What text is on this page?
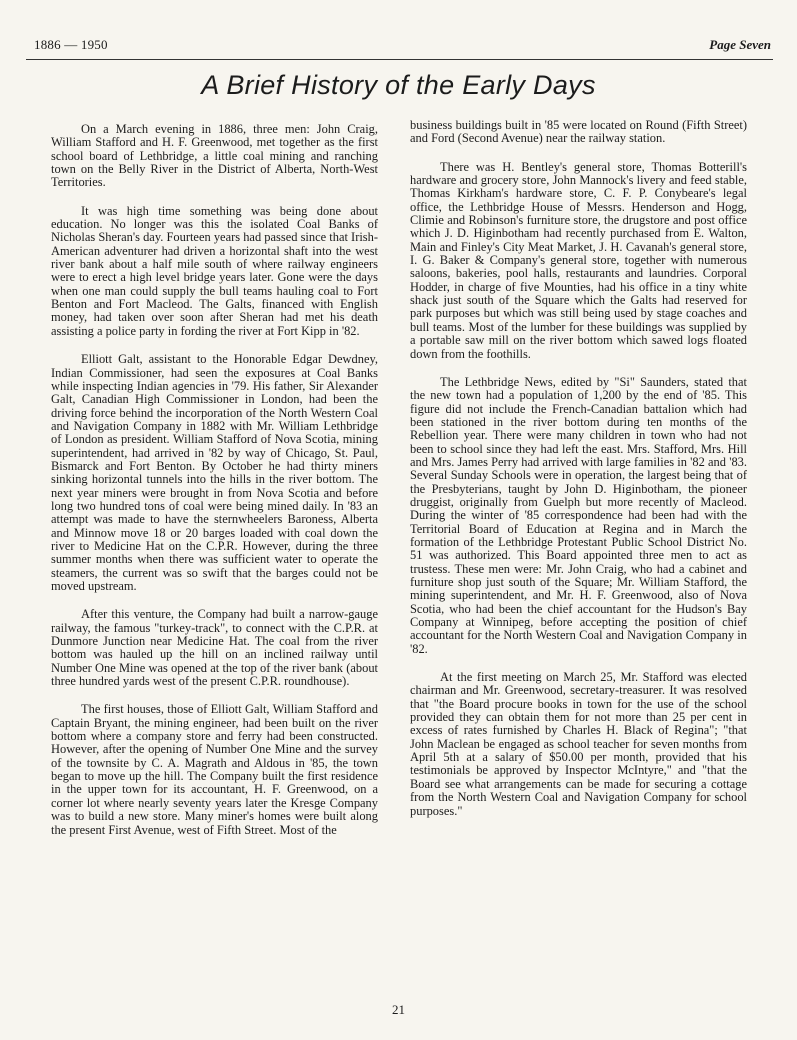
1886 — 1950	Page Seven
A Brief History of the Early Days

On a March evening in 1886, three men: John Craig, William Stafford and H. F. Greenwood, met together as the first school board of Lethbridge, a little coal mining and ranching town on the Belly River in the District of Alberta, North-West Territories.

It was high time something was being done about education. No longer was this the isolated Coal Banks of Nicholas Sheran's day. Fourteen years had passed since that Irish-American adventurer had driven a horizontal shaft into the west river bank about a half mile south of where railway engineers were to erect a high level bridge years later. Gone were the days when one man could supply the bull teams hauling coal to Fort Benton and Fort Macleod. The Galts, financed with English money, had taken over soon after Sheran had met his death assisting a police party in fording the river at Fort Kipp in '82.

Elliott Galt, assistant to the Honorable Edgar Dewdney, Indian Commissioner, had seen the exposures at Coal Banks while inspecting Indian agencies in '79. His father, Sir Alexander Galt, Canadian High Commissioner in London, had been the driving force behind the incorporation of the North Western Coal and Navigation Company in 1882 with Mr. William Lethbridge of London as president. William Stafford of Nova Scotia, mining superintendent, had arrived in '82 by way of Chicago, St. Paul, Bismarck and Fort Benton. By October he had thirty miners sinking horizontal tunnels into the hills in the river bottom. The next year miners were brought in from Nova Scotia and before long two hundred tons of coal were being mined daily. In '83 an attempt was made to have the sternwheelers Baroness, Alberta and Minnow move 18 or 20 barges loaded with coal down the river to Medicine Hat on the C.P.R. However, during the three summer months when there was sufficient water to operate the steamers, the current was so swift that the barges could not be moved upstream.

After this venture, the Company had built a narrow-gauge railway, the famous "turkey-track", to connect with the C.P.R. at Dunmore Junction near Medicine Hat. The coal from the river bottom was hauled up the hill on an inclined railway until Number One Mine was opened at the top of the river bank (about three hundred yards west of the present C.P.R. roundhouse).

The first houses, those of Elliott Galt, William Stafford and Captain Bryant, the mining engineer, had been built on the river bottom where a company store and ferry had been constructed. However, after the opening of Number One Mine and the survey of the townsite by C. A. Magrath and Aldous in '85, the town began to move up the hill. The Company built the first residence in the upper town for its accountant, H. F. Greenwood, on a corner lot where nearly seventy years later the Kresge Company was to build a new store. Many miner's homes were built along the present First Avenue, west of Fifth Street. Most of the

business buildings built in '85 were located on Round (Fifth Street) and Ford (Second Avenue) near the railway station.

There was H. Bentley's general store, Thomas Botterill's hardware and grocery store, John Mannock's livery and feed stable, Thomas Kirkham's hardware store, C. F. P. Conybeare's legal office, the Lethbridge House of Messrs. Henderson and Hogg, Climie and Robinson's furniture store, the drugstore and post office which J. D. Higinbotham had recently purchased from E. Walton, Main and Finley's City Meat Market, J. H. Cavanah's general store, I. G. Baker & Company's general store, together with numerous saloons, bakeries, pool halls, restaurants and laundries. Corporal Hodder, in charge of five Mounties, had his office in a tiny white shack just south of the Square which the Galts had reserved for park purposes but which was still being used by stage coaches and bull teams. Most of the lumber for these buildings was supplied by a portable saw mill on the river bottom which sawed logs floated down from the foothills.

The Lethbridge News, edited by "Si" Saunders, stated that the new town had a population of 1,200 by the end of '85. This figure did not include the French-Canadian battalion which had been stationed in the river bottom during ten months of the Rebellion year. There were many children in town who had not been to school since they had left the east. Mrs. Stafford, Mrs. Hill and Mrs. James Perry had arrived with large families in '82 and '83. Several Sunday Schools were in operation, the largest being that of the Presbyterians, taught by John D. Higinbotham, the pioneer druggist, originally from Guelph but more recently of Macleod. During the winter of '85 correspondence had been had with the Territorial Board of Education at Regina and in March the formation of the Lethbridge Protestant Public School District No. 51 was authorized. This Board appointed three men to act as trustess. These men were: Mr. John Craig, who had a cabinet and furniture shop just south of the Square; Mr. William Stafford, the mining superintendent, and Mr. H. F. Greenwood, also of Nova Scotia, who had been the chief accountant for the Hudson's Bay Company at Winnipeg, before accepting the position of chief accountant for the North Western Coal and Navigation Company in '82.

At the first meeting on March 25, Mr. Stafford was elected chairman and Mr. Greenwood, secretary-treasurer. It was resolved that "the Board procure books in town for the use of the school provided they can obtain them for not more than 25 per cent in excess of rates furnished by Charles H. Black of Regina"; "that John Maclean be engaged as school teacher for seven months from April 5th at a salary of $50.00 per month, provided that his testimonials be approved by Inspector McIntyre," and "that the Board see what arrangements can be made for securing a cottage from the North Western Coal and Navigation Company for school purposes."

21
